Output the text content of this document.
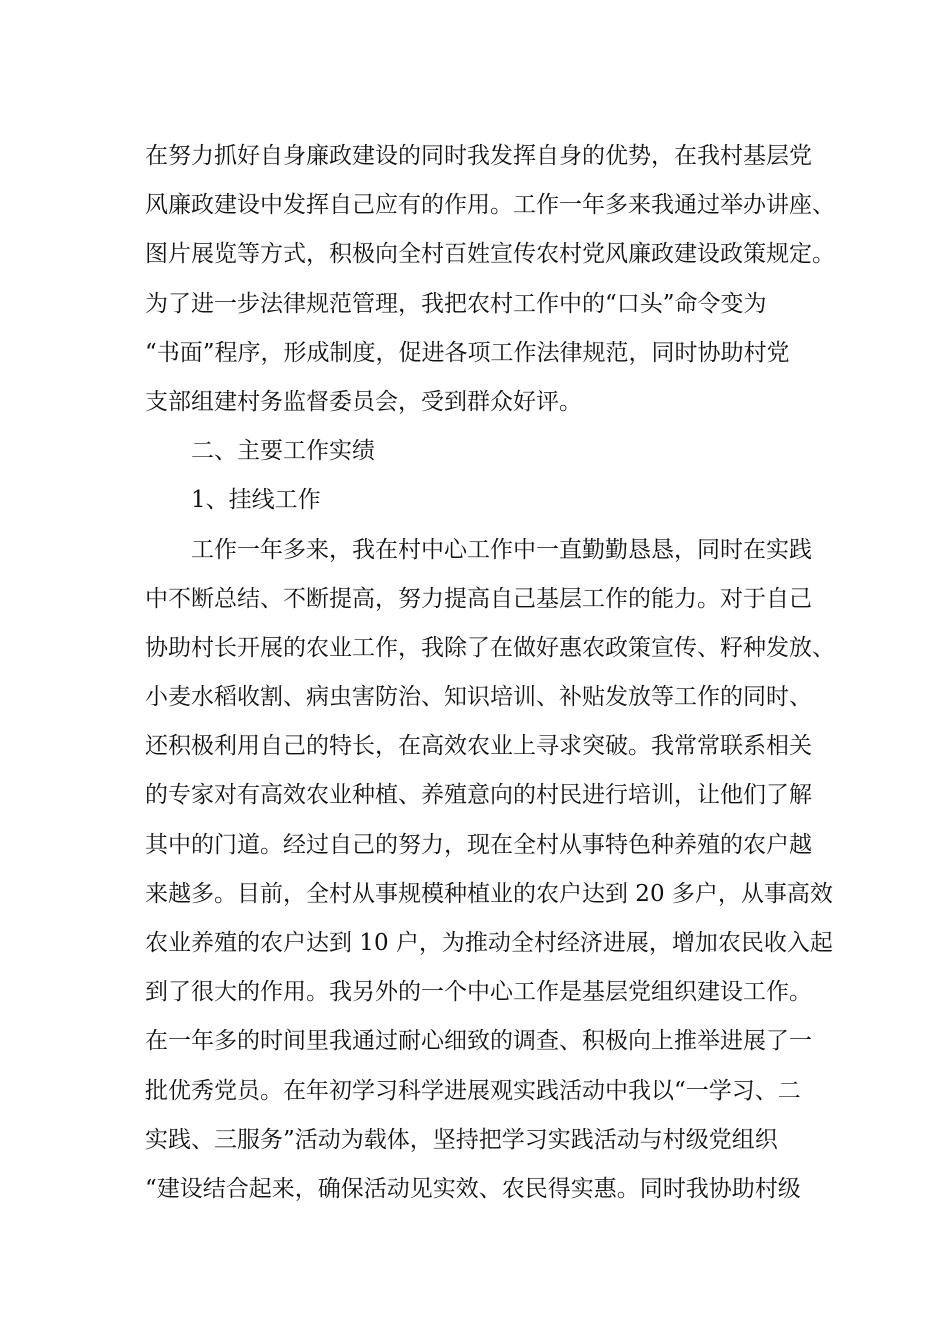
在努力抓好自身廉政建设的同时我发挥自身的优势，在我村基层党
风廉政建设中发挥自己应有的作用。工作一年多来我通过举办讲座、
图片展览等方式，积极向全村百姓宣传农村党风廉政建设政策规定。
为了进一步法律规范管理，我把农村工作中的“口头”命令变为
“书面”程序，形成制度，促进各项工作法律规范，同时协助村党
支部组建村务监督委员会，受到群众好评。
二、主要工作实绩
1、挂线工作
工作一年多来，我在村中心工作中一直勤勤恳恳，同时在实践
中不断总结、不断提高，努力提高自己基层工作的能力。对于自己
协助村长开展的农业工作，我除了在做好惠农政策宣传、籽种发放、
小麦水稻收割、病虫害防治、知识培训、补贴发放等工作的同时、
还积极利用自己的特长，在高效农业上寻求突破。我常常联系相关
的专家对有高效农业种植、养殖意向的村民进行培训，让他们了解
其中的门道。经过自己的努力，现在全村从事特色种养殖的农户越
来越多。目前，全村从事规模种植业的农户达到 20 多户，从事高效
农业养殖的农户达到 10 户，为推动全村经济进展，增加农民收入起
到了很大的作用。我另外的一个中心工作是基层党组织建设工作。
在一年多的时间里我通过耐心细致的调查、积极向上推举进展了一
批优秀党员。在年初学习科学进展观实践活动中我以“一学习、二
实践、三服务”活动为载体，坚持把学习实践活动与村级党组织
“建设结合起来，确保活动见实效、农民得实惠。同时我协助村级
